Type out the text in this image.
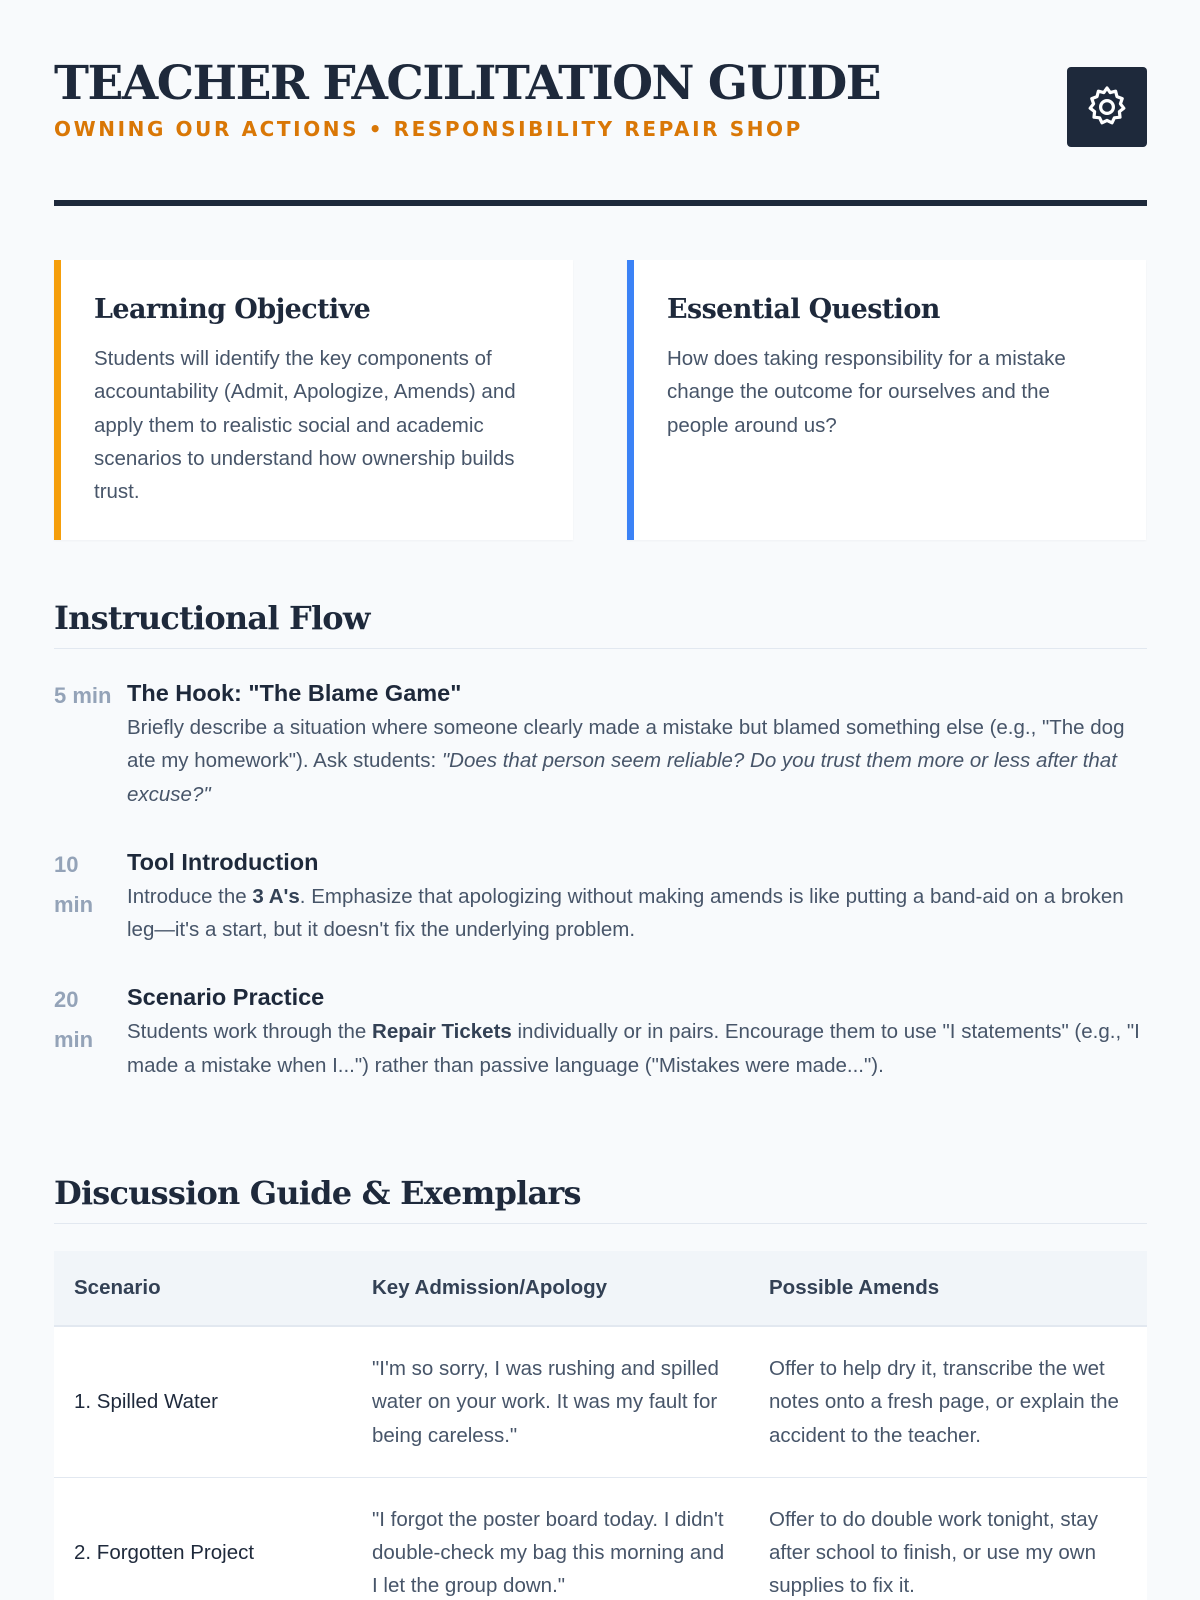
TEACHER FACILITATION GUIDE
OWNING OUR ACTIONS • RESPONSIBILITY REPAIR SHOP
Learning Objective

Students will identify the key components of accountability (Admit, Apologize, Amends) and apply them to realistic social and academic scenarios to understand how ownership builds trust.

Essential Question

How does taking responsibility for a mistake change the outcome for ourselves and the people around us?

Instructional Flow
5 min The Hook: "The Blame Game"

Briefly describe a situation where someone clearly made a mistake but blamed something else (e.g., "The dog ate my homework"). Ask students: "Does that person seem reliable? Do you trust them more or less after that excuse?"

10 min
Tool Introduction

Introduce the 3 A's. Emphasize that apologizing without making amends is like putting a band-aid on a broken leg—it's a start, but it doesn't fix the underlying problem.

20 min
Scenario Practice

Students work through the Repair Tickets individually or in pairs. Encourage them to use "I statements" (e.g., "I made a mistake when I...") rather than passive language ("Mistakes were made...").

Discussion Guide & Exemplars
Scenario	Key Admission/Apology	Possible Amends
1. Spilled Water	"I'm so sorry, I was rushing and spilled water on your work. It was my fault for being careless."	Offer to help dry it, transcribe the wet notes onto a fresh page, or explain the accident to the teacher.
2. Forgotten Project	"I forgot the poster board today. I didn't double-check my bag this morning and I let the group down."	Offer to do double work tonight, stay after school to finish, or use my own supplies to fix it.
